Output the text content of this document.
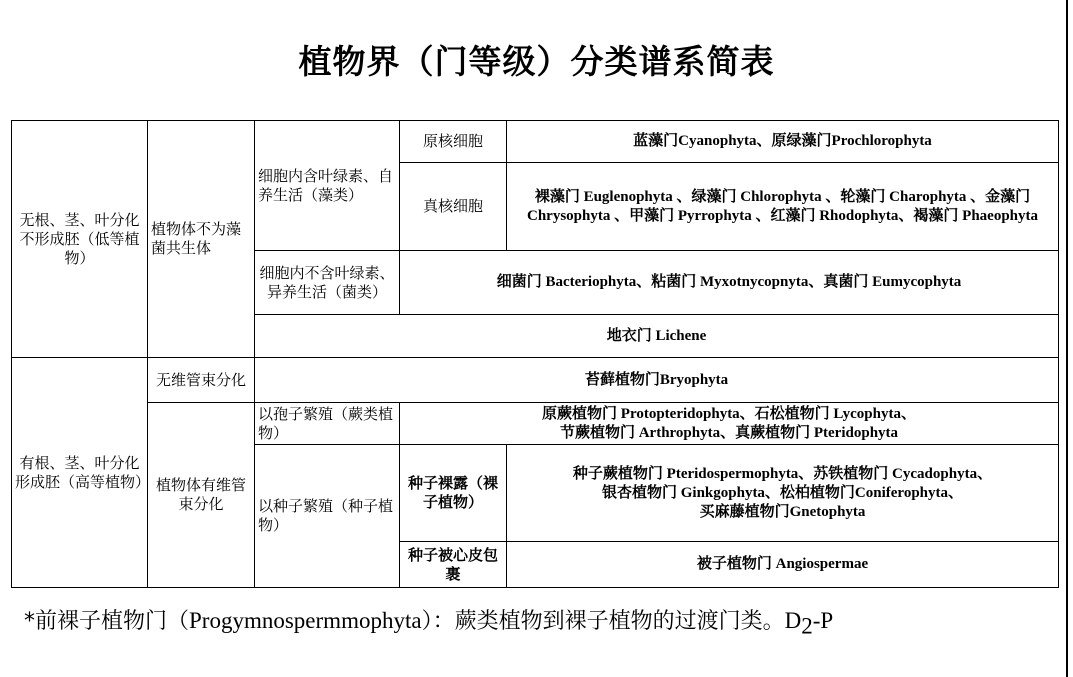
植物界（门等级）分类谱系简表
无根、茎、叶分化不形成胚（低等植物）	植物体不为藻菌共生体	细胞内含叶绿素、自养生活（藻类）	原核细胞	蓝藻门Cyanophyta、原绿藻门Prochlorophyta
			真核细胞	裸藻门 Euglenophyta 、绿藻门 Chlorophyta 、轮藻门 Charophyta 、金藻门 Chrysophyta 、甲藻门 Pyrrophyta 、红藻门 Rhodophyta、褐藻门 Phaeophyta
		细胞内不含叶绿素、异养生活（菌类）	细菌门 Bacteriophyta、粘菌门 Myxotnycopnyta、真菌门 Eumycophyta	
		地衣门 Lichene		

有根、茎、叶分化形成胚（高等植物）	无维管束分化	苔藓植物门Bryophyta		
	植物体有维管束分化	以孢子繁殖（蕨类植物）	原蕨植物门 Protopteridophyta、石松植物门 Lycophyta、
节蕨植物门 Arthrophyta、真蕨植物门 Pteridophyta	

		以种子繁殖（种子植物）	种子裸露（裸子植物）	种子蕨植物门 Pteridospermophyta、苏铁植物门 Cycadophyta、
银杏植物门 Ginkgophyta、松柏植物门Coniferophyta、
买麻藤植物门Gnetophyta

			种子被心皮包裹	被子植物门 Angiospermae
*前裸子植物门（Progymnospermmophyta）：蕨类植物到裸子植物的过渡门类。$D_2-P$
